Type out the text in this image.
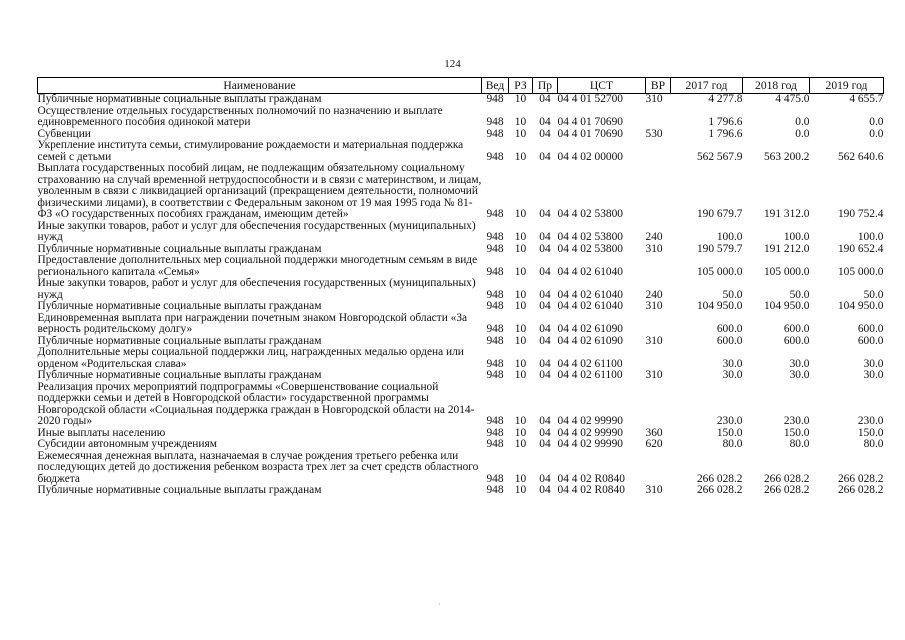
124
Наименование	Вед	РЗ	Пр	ЦСТ	ВР	2017 год	2018 год	2019 год
Публичные нормативные социальные выплаты гражданам	948	10	04	04 4 01 52700	310	4 277.8	4 475.0	4 655.7
Осуществление отдельных государственных полномочий по назначению и выплате единовременного пособия одинокой матери	948	10	04	04 4 01 70690		1 796.6	0.0	0.0
Субвенции	948	10	04	04 4 01 70690	530	1 796.6	0.0	0.0
Укрепление института семьи, стимулирование рождаемости и материальная поддержка семей с детьми	948	10	04	04 4 02 00000		562 567.9	563 200.2	562 640.6
Выплата государственных пособий лицам, не подлежащим обязательному социальному страхованию на случай временной нетрудоспособности и в связи с материнством, и лицам, уволенным в связи с ликвидацией организаций (прекращением деятельности, полномочий физическими лицами), в соответствии с Федеральным законом от 19 мая 1995 года № 81-ФЗ «О государственных пособиях гражданам, имеющим детей»	948	10	04	04 4 02 53800		190 679.7	191 312.0	190 752.4
Иные закупки товаров, работ и услуг для обеспечения государственных (муниципальных) нужд	948	10	04	04 4 02 53800	240	100.0	100.0	100.0
Публичные нормативные социальные выплаты гражданам	948	10	04	04 4 02 53800	310	190 579.7	191 212.0	190 652.4
Предоставление дополнительных мер социальной поддержки многодетным семьям в виде регионального капитала «Семья»	948	10	04	04 4 02 61040		105 000.0	105 000.0	105 000.0
Иные закупки товаров, работ и услуг для обеспечения государственных (муниципальных) нужд	948	10	04	04 4 02 61040	240	50.0	50.0	50.0
Публичные нормативные социальные выплаты гражданам	948	10	04	04 4 02 61040	310	104 950.0	104 950.0	104 950.0
Единовременная выплата при награждении почетным знаком Новгородской области «За верность родительскому долгу»	948	10	04	04 4 02 61090		600.0	600.0	600.0
Публичные нормативные социальные выплаты гражданам	948	10	04	04 4 02 61090	310	600.0	600.0	600.0
Дополнительные меры социальной поддержки лиц, награжденных медалью ордена или орденом «Родительская слава»	948	10	04	04 4 02 61100		30.0	30.0	30.0
Публичные нормативные социальные выплаты гражданам	948	10	04	04 4 02 61100	310	30.0	30.0	30.0
Реализация прочих мероприятий подпрограммы «Совершенствование социальной поддержки семьи и детей в Новгородской области» государственной программы Новгородской области «Социальная поддержка граждан в Новгородской области на 2014-2020 годы»	948	10	04	04 4 02 99990		230.0	230.0	230.0
Иные выплаты населению	948	10	04	04 4 02 99990	360	150.0	150.0	150.0
Субсидии автономным учреждениям	948	10	04	04 4 02 99990	620	80.0	80.0	80.0
Ежемесячная денежная выплата, назначаемая в случае рождения третьего ребенка или последующих детей до достижения ребенком возраста трех лет за счет средств областного бюджета	948	10	04	04 4 02 R0840		266 028.2	266 028.2	266 028.2
Публичные нормативные социальные выплаты гражданам	948	10	04	04 4 02 R0840	310	266 028.2	266 028.2	266 028.2
·
